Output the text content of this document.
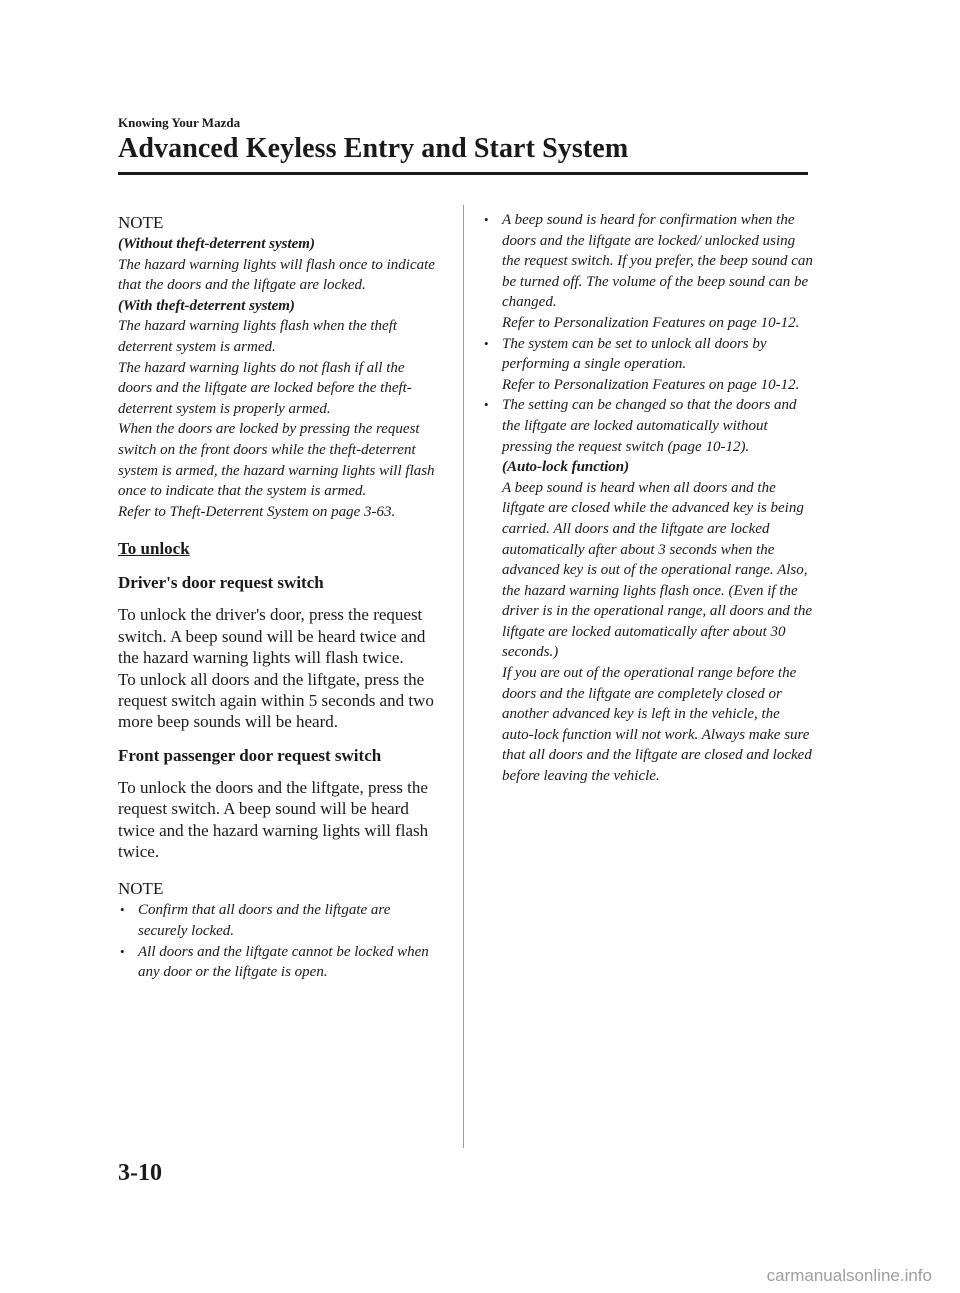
Knowing Your Mazda
Advanced Keyless Entry and Start System
NOTE

(Without theft-deterrent system)

The hazard warning lights will flash once to indicate that the doors and the liftgate are locked.

(With theft-deterrent system)

The hazard warning lights flash when the theft deterrent system is armed.

The hazard warning lights do not flash if all the doors and the liftgate are locked before the theft-deterrent system is properly armed.

When the doors are locked by pressing the request switch on the front doors while the theft-deterrent system is armed, the hazard warning lights will flash once to indicate that the system is armed.

Refer to Theft-Deterrent System on page 3-63.

To unlock
Driver's door request switch

To unlock the driver's door, press the request switch. A beep sound will be heard twice and the hazard warning lights will flash twice.

To unlock all doors and the liftgate, press the request switch again within 5 seconds and two more beep sounds will be heard.

Front passenger door request switch

To unlock the doors and the liftgate, press the request switch. A beep sound will be heard twice and the hazard warning lights will flash twice.

NOTE
• Confirm that all doors and the liftgate are securely locked.

• All doors and the liftgate cannot be locked when any door or the liftgate is open.

• A beep sound is heard for confirmation when the doors and the liftgate are locked/ unlocked using the request switch. If you prefer, the beep sound can be turned off. The volume of the beep sound can be changed.

Refer to Personalization Features on page 10-12.

• The system can be set to unlock all doors by performing a single operation.

Refer to Personalization Features on page 10-12.

• The setting can be changed so that the doors and the liftgate are locked automatically without pressing the request switch (page 10-12).

(Auto-lock function)

A beep sound is heard when all doors and the liftgate are closed while the advanced key is being carried. All doors and the liftgate are locked automatically after about 3 seconds when the advanced key is out of the operational range. Also, the hazard warning lights flash once. (Even if the driver is in the operational range, all doors and the liftgate are locked automatically after about 30 seconds.)

If you are out of the operational range before the doors and the liftgate are completely closed or another advanced key is left in the vehicle, the auto-lock function will not work. Always make sure that all doors and the liftgate are closed and locked before leaving the vehicle.

3-10
carmanualsonline.info
